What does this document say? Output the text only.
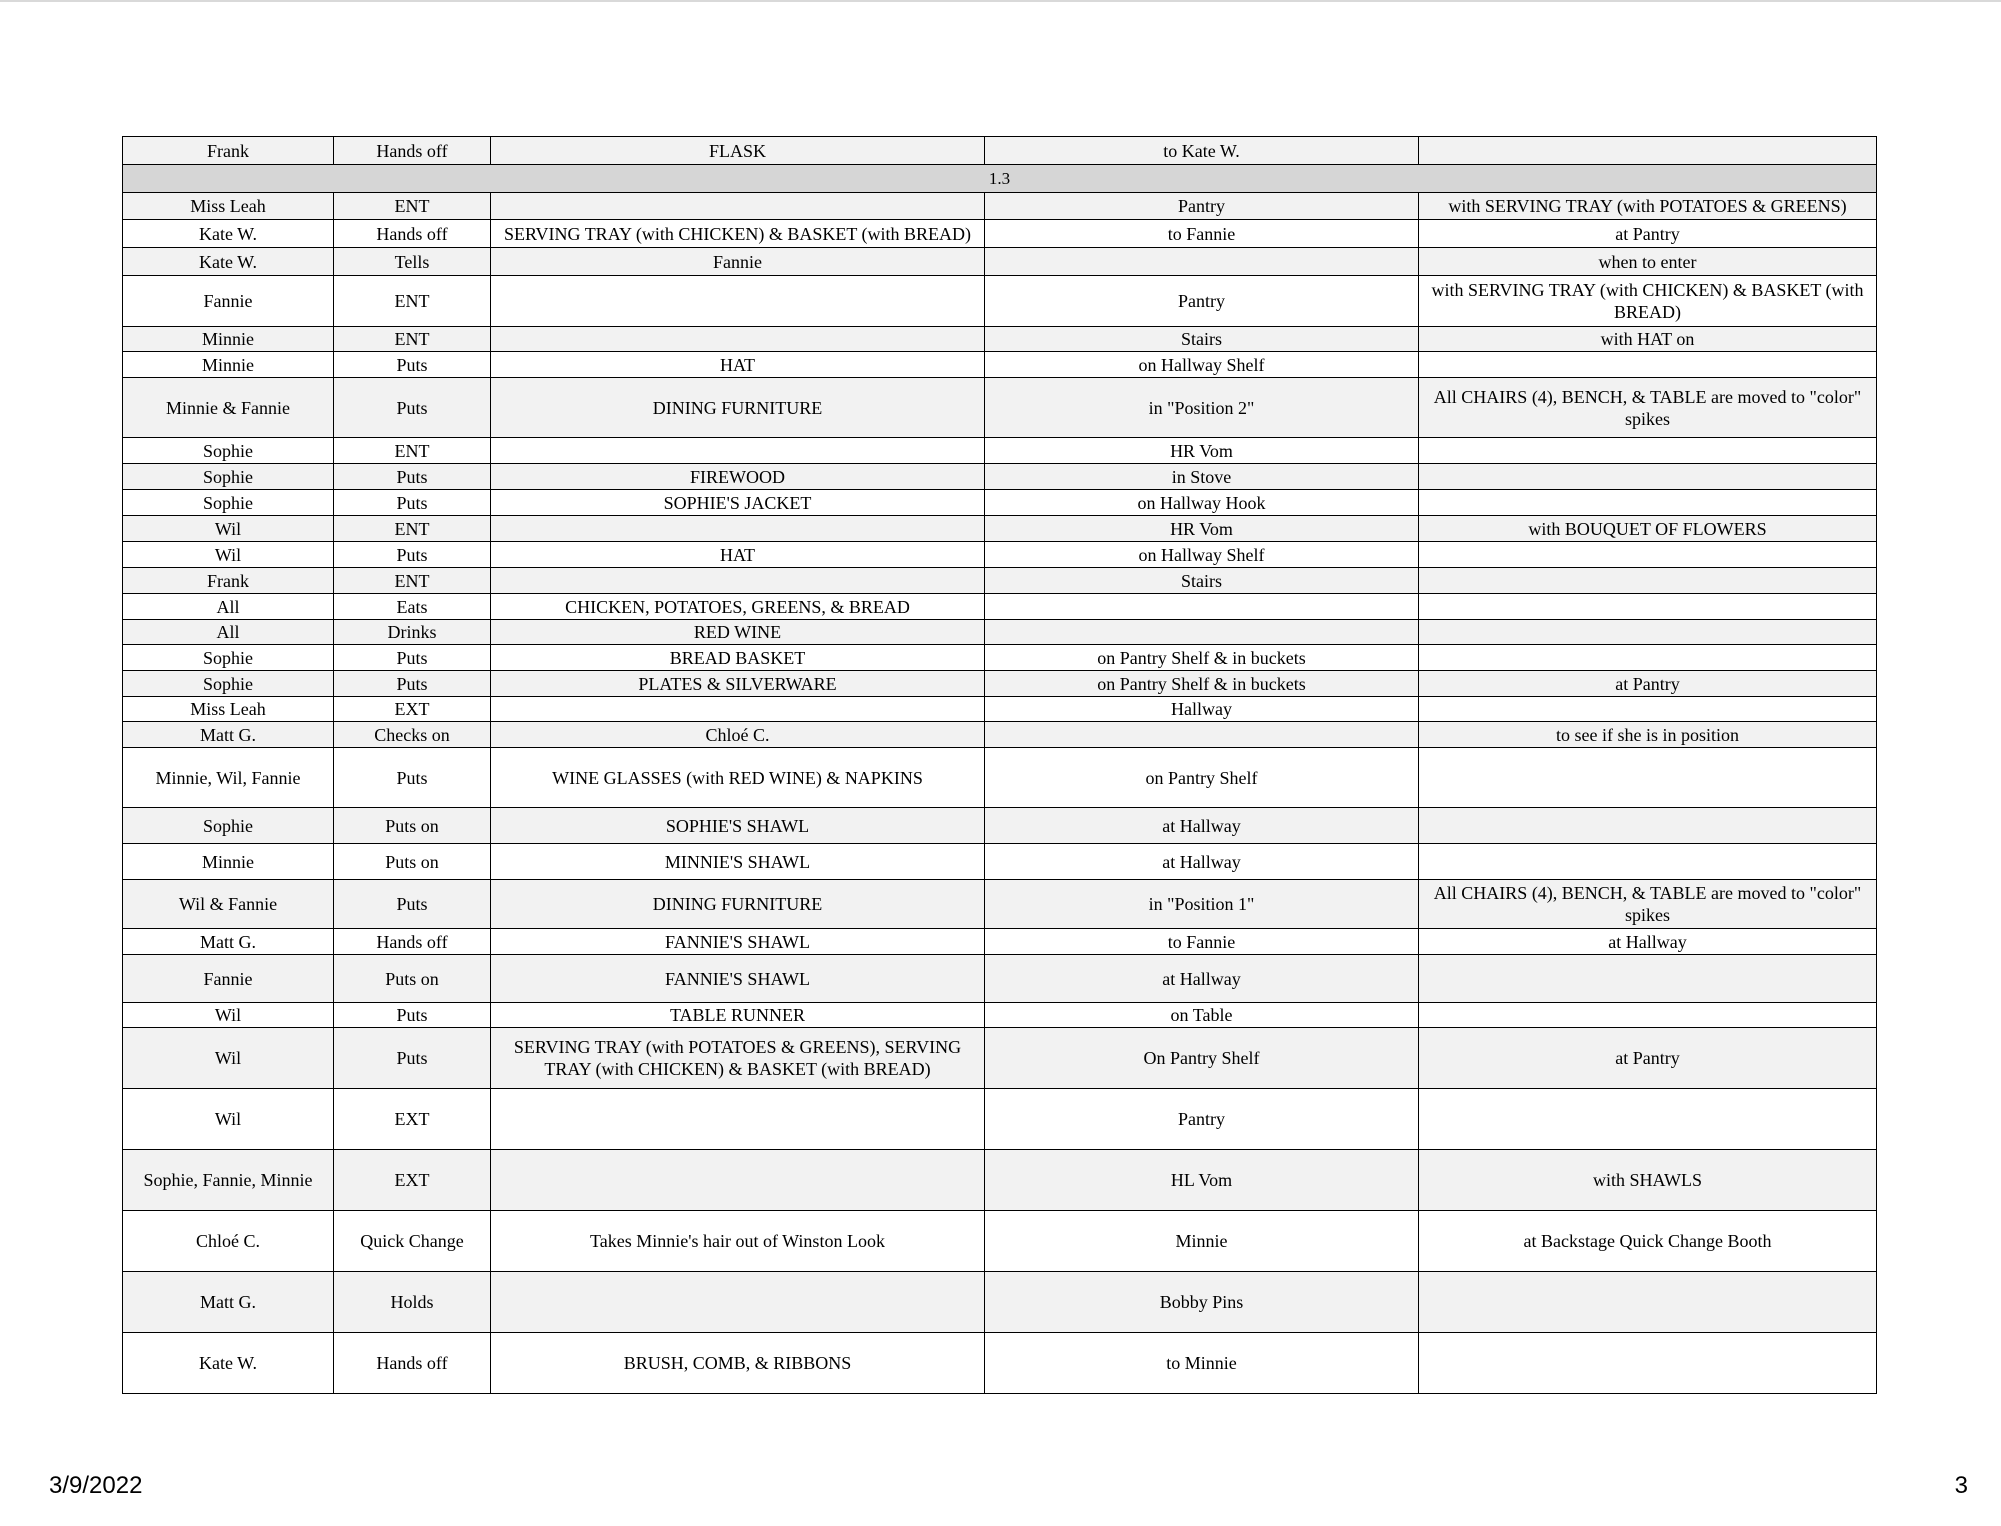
Frank	Hands off	FLASK	to Kate W.	
1.3				
Miss Leah	ENT		Pantry	with SERVING TRAY (with POTATOES & GREENS)
Kate W.	Hands off	SERVING TRAY (with CHICKEN) & BASKET (with BREAD)	to Fannie	at Pantry
Kate W.	Tells	Fannie		when to enter
Fannie	ENT		Pantry	with SERVING TRAY (with CHICKEN) & BASKET (with BREAD)
Minnie	ENT		Stairs	with HAT on
Minnie	Puts	HAT	on Hallway Shelf	
Minnie & Fannie	Puts	DINING FURNITURE	in "Position 2"	All CHAIRS (4), BENCH, & TABLE are moved to "color" spikes
Sophie	ENT		HR Vom	
Sophie	Puts	FIREWOOD	in Stove	
Sophie	Puts	SOPHIE'S JACKET	on Hallway Hook	
Wil	ENT		HR Vom	with BOUQUET OF FLOWERS
Wil	Puts	HAT	on Hallway Shelf	
Frank	ENT		Stairs	
All	Eats	CHICKEN, POTATOES, GREENS, & BREAD		
All	Drinks	RED WINE		
Sophie	Puts	BREAD BASKET	on Pantry Shelf & in buckets	
Sophie	Puts	PLATES & SILVERWARE	on Pantry Shelf & in buckets	at Pantry
Miss Leah	EXT		Hallway	
Matt G.	Checks on	Chloé C.		to see if she is in position
Minnie, Wil, Fannie	Puts	WINE GLASSES (with RED WINE) & NAPKINS	on Pantry Shelf	
Sophie	Puts on	SOPHIE'S SHAWL	at Hallway	
Minnie	Puts on	MINNIE'S SHAWL	at Hallway	
Wil & Fannie	Puts	DINING FURNITURE	in "Position 1"	All CHAIRS (4), BENCH, & TABLE are moved to "color" spikes
Matt G.	Hands off	FANNIE'S SHAWL	to Fannie	at Hallway
Fannie	Puts on	FANNIE'S SHAWL	at Hallway	
Wil	Puts	TABLE RUNNER	on Table	
Wil	Puts	SERVING TRAY (with POTATOES & GREENS), SERVING TRAY (with CHICKEN) & BASKET (with BREAD)	On Pantry Shelf	at Pantry
Wil	EXT		Pantry	
Sophie, Fannie, Minnie	EXT		HL Vom	with SHAWLS
Chloé C.	Quick Change	Takes Minnie's hair out of Winston Look	Minnie	at Backstage Quick Change Booth
Matt G.	Holds		Bobby Pins	
Kate W.	Hands off	BRUSH, COMB, & RIBBONS	to Minnie	
3/9/2022	3
